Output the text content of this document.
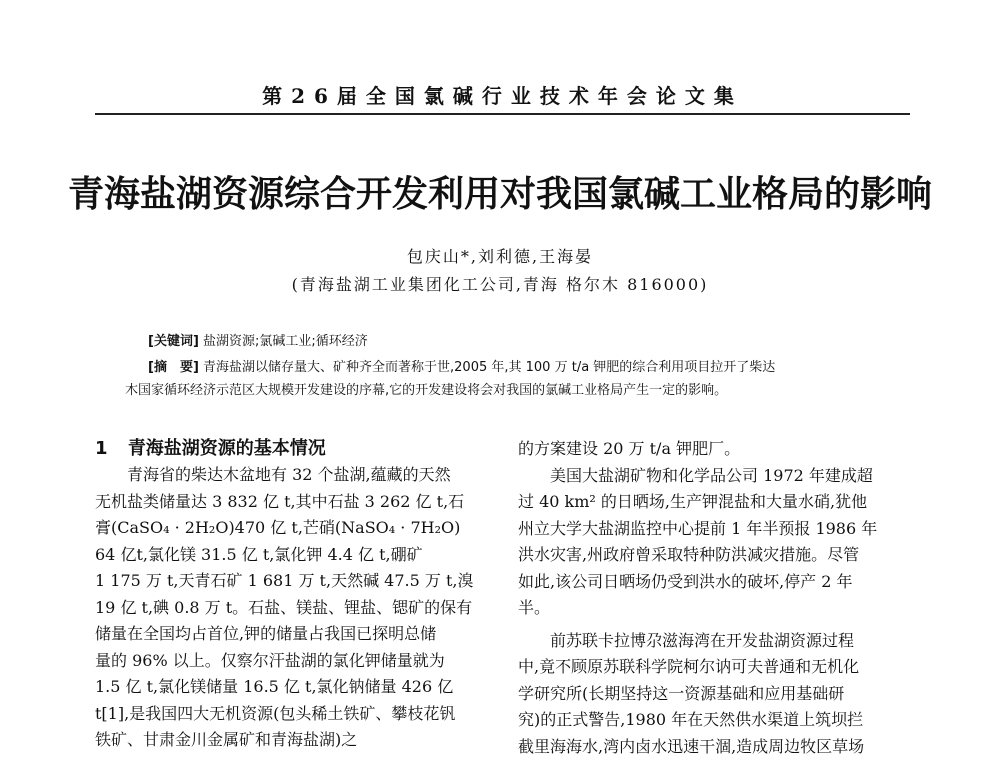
第26届全国氯碱行业技术年会论文集
青海盐湖资源综合开发利用对我国氯碱工业格局的影响
包庆山*,刘利德,王海晏
(青海盐湖工业集团化工公司,青海 格尔木 816000)
[关键词] 盐湖资源;氯碱工业;循环经济
[摘　要] 青海盐湖以储存量大、矿种齐全而著称于世,2005 年,其 100 万 t/a 钾肥的综合利用项目拉开了柴达
木国家循环经济示范区大规模开发建设的序幕,它的开发建设将会对我国的氯碱工业格局产生一定的影响。
1 青海盐湖资源的基本情况
青海省的柴达木盆地有 32 个盐湖,蕴藏的天然
无机盐类储量达 3 832 亿 t,其中石盐 3 262 亿 t,石
膏(CaSO₄ · 2H₂O)470 亿 t,芒硝(NaSO₄ · 7H₂O)
64 亿t,氯化镁 31.5 亿 t,氯化钾 4.4 亿 t,硼矿
1 175 万 t,天青石矿 1 681 万 t,天然碱 47.5 万 t,溴
19 亿 t,碘 0.8 万 t。石盐、镁盐、锂盐、锶矿的保有
储量在全国均占首位,钾的储量占我国已探明总储
量的 96% 以上。仅察尔汗盐湖的氯化钾储量就为
1.5 亿 t,氯化镁储量 16.5 亿 t,氯化钠储量 426 亿
t[1],是我国四大无机资源(包头稀土铁矿、攀枝花钒
铁矿、甘肃金川金属矿和青海盐湖)之
的方案建设 20 万 t/a 钾肥厂。
美国大盐湖矿物和化学品公司 1972 年建成超
过 40 km² 的日晒场,生产钾混盐和大量水硝,犹他
州立大学大盐湖监控中心提前 1 年半预报 1986 年
洪水灾害,州政府曾采取特种防洪减灾措施。尽管
如此,该公司日晒场仍受到洪水的破坏,停产 2 年
半。
前苏联卡拉博尕滋海湾在开发盐湖资源过程
中,竟不顾原苏联科学院柯尔讷可夫普通和无机化
学研究所(长期坚持这一资源基础和应用基础研
究)的正式警告,1980 年在天然供水渠道上筑坝拦
截里海海水,湾内卤水迅速干涸,造成周边牧区草场
